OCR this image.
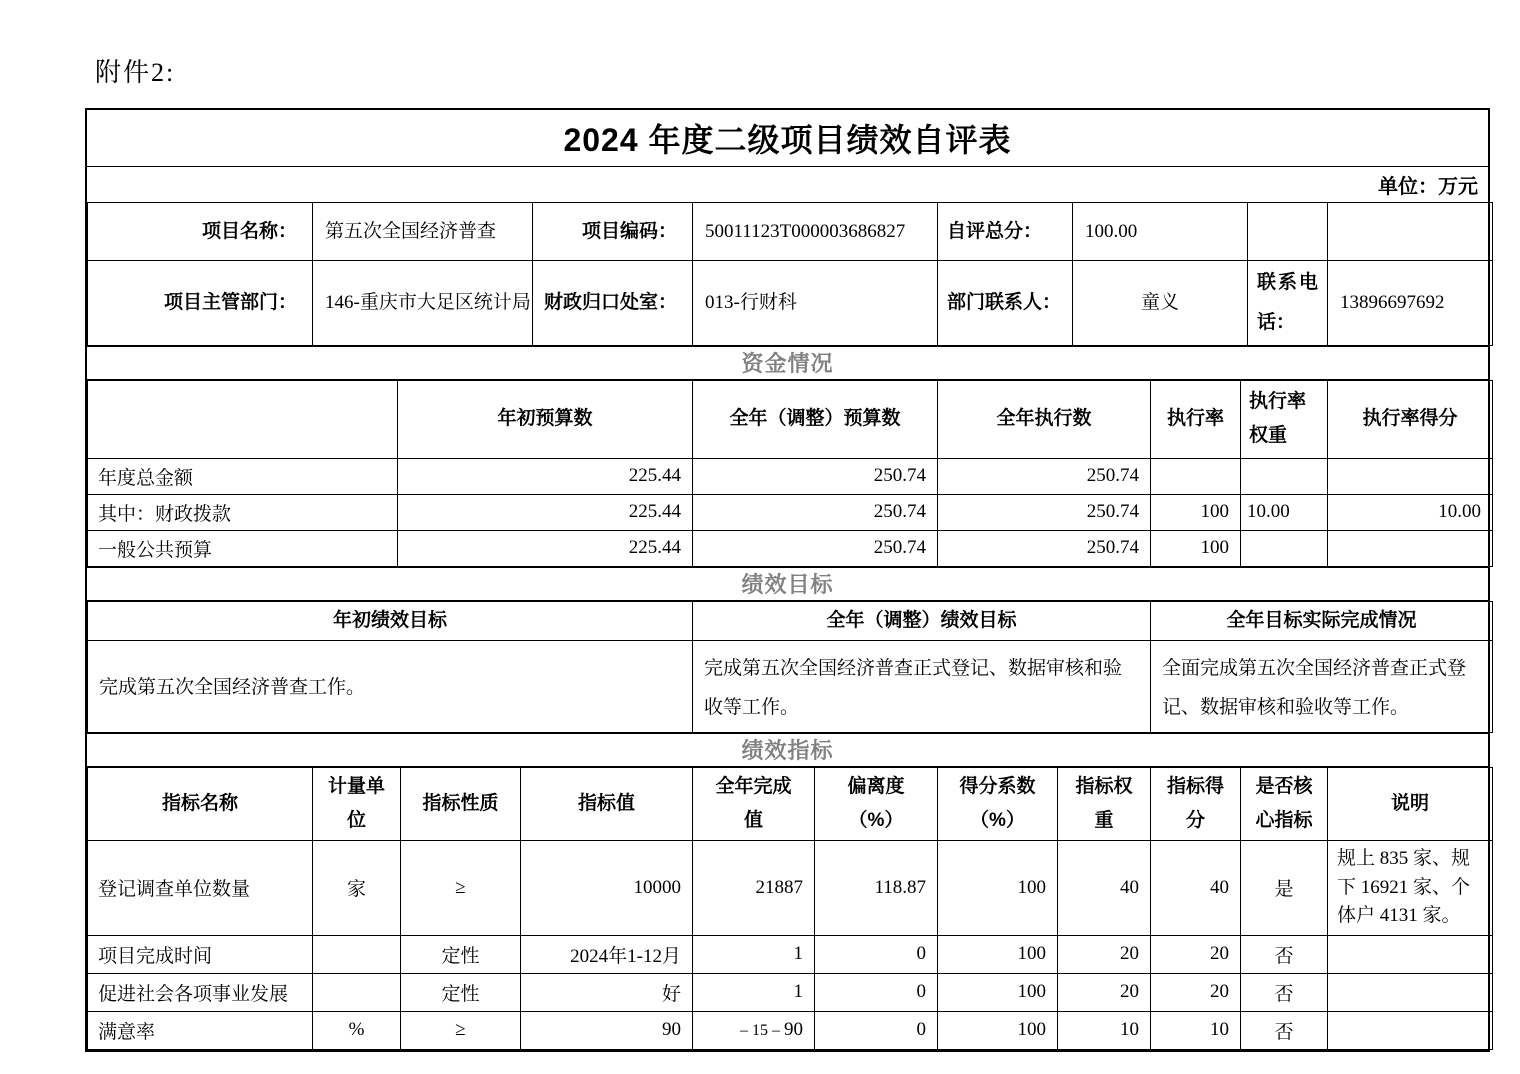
附件2:
2024 年度二级项目绩效自评表
单位：万元
项目名称：	第五次全国经济普查	项目编码：	50011123T000003686827	自评总分：	100.00		
项目主管部门：	146-重庆市大足区统计局	财政归口处室：	013-行财科	部门联系人：	童义	联系电话：	13896697692
资金情况
	年初预算数	全年（调整）预算数	全年执行数	执行率	执行率权重	执行率得分
年度总金额	225.44	250.74	250.74			
其中：财政拨款	225.44	250.74	250.74	100	10.00	10.00
一般公共预算	225.44	250.74	250.74	100		
绩效目标
年初绩效目标	全年（调整）绩效目标	全年目标实际完成情况
完成第五次全国经济普查工作。	完成第五次全国经济普查正式登记、数据审核和验收等工作。	全面完成第五次全国经济普查正式登记、数据审核和验收等工作。
绩效指标
指标名称	计量单位	指标性质	指标值	全年完成值	偏离度（%）	得分系数（%）	指标权重	指标得分	是否核心指标	说明
登记调查单位数量	家	≥	10000	21887	118.87	100	40	40	是	规上 835 家、规下 16921 家、个体户 4131 家。
项目完成时间		定性	2024年1-12月	1	0	100	20	20	否	
促进社会各项事业发展		定性	好	1	0	100	20	20	否	
满意率	%	≥	90	90	0	100	10	10	否	
– 15 –
